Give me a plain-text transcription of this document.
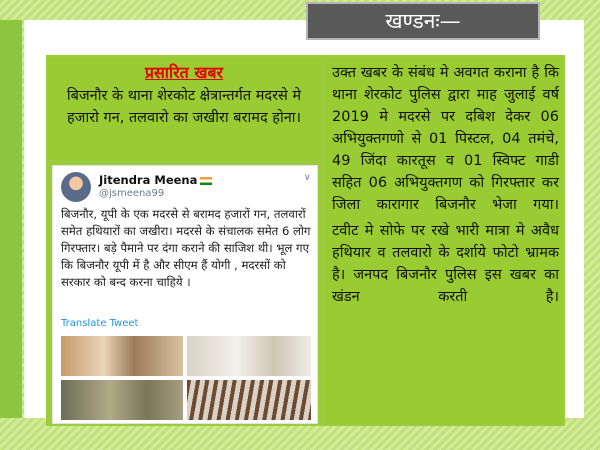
खण्डनः—
प्रसारित खबर
बिजनौर के थाना शेरकोट क्षेत्रान्तर्गत मदरसे मे हजारो गन, तलवारो का जखीरा बरामद होना।
Jitendra Meena
@jsmeena99
∨
बिजनौर, यूपी के एक मदरसे से बरामद हजारों गन, तलवारों समेत हथियारों का जखीरा। मदरसे के संचालक समेत 6 लोग गिरफ्तार। बड़े पैमाने पर दंगा कराने की साजिश थी। भूल गए कि बिजनौर यूपी में है और सीएम हैं योगी , मदरसों को सरकार को बन्द करना चाहिये ।
Translate Tweet
उक्त खबर के संबंध मे अवगत कराना है कि थाना शेरकोट पुलिस द्वारा माह जुलाई वर्ष 2019 मे मदरसे पर दबिश देकर 06 अभियुक्तगणो से 01 पिस्टल, 04 तमंचे, 49 जिंदा कारतूस व 01 स्विफ्ट गाडी सहित 06 अभियुक्तगण को गिरफ्तार कर जिला कारागार बिजनौर भेजा गया।
टवीट मे सोफे पर रखे भारी मात्रा मे अवैध हथियार व तलवारो के दर्शाये फोटो भ्रामक है। जनपद बिजनौर पुलिस इस खबर का खंडन करती है।
